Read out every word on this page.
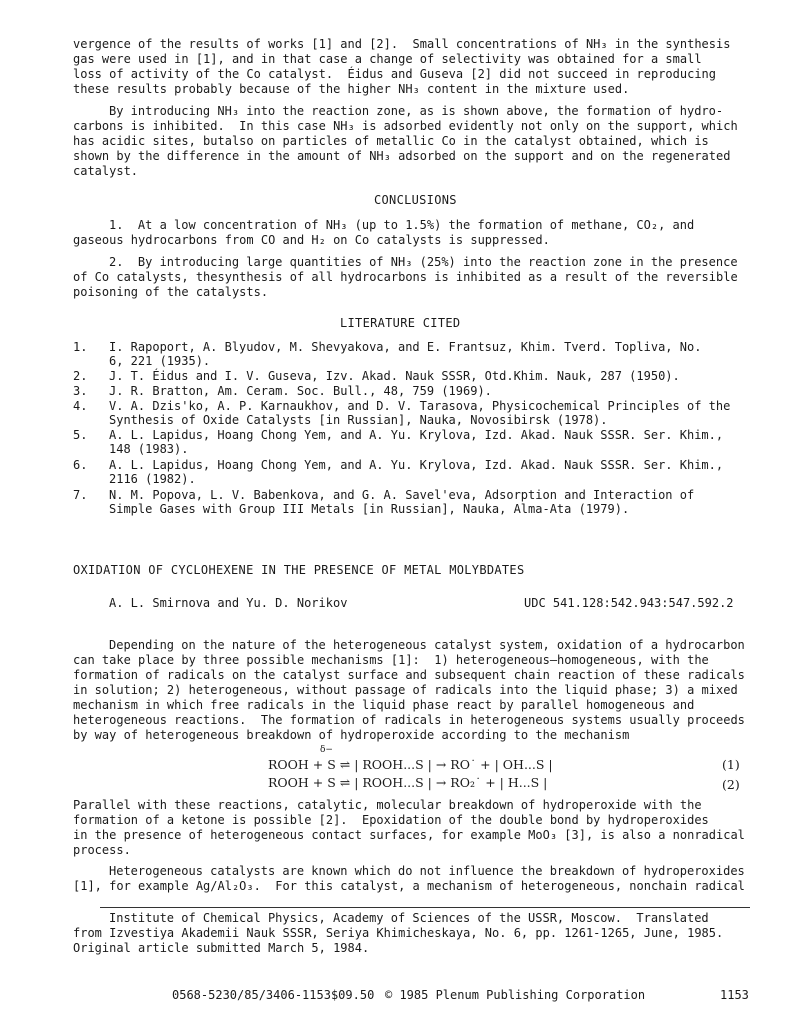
vergence of the results of works [1] and [2].  Small concentrations of NH₃ in the synthesis
gas were used in [1], and in that case a change of selectivity was obtained for a small
loss of activity of the Co catalyst.  Éidus and Guseva [2] did not succeed in reproducing
these results probably because of the higher NH₃ content in the mixture used.
By introducing NH₃ into the reaction zone, as is shown above, the formation of hydro-
carbons is inhibited.  In this case NH₃ is adsorbed evidently not only on the support, which
has acidic sites, butalso on particles of metallic Co in the catalyst obtained, which is
shown by the difference in the amount of NH₃ adsorbed on the support and on the regenerated
catalyst.
CONCLUSIONS
1.  At a low concentration of NH₃ (up to 1.5%) the formation of methane, CO₂, and
gaseous hydrocarbons from CO and H₂ on Co catalysts is suppressed.
2.  By introducing large quantities of NH₃ (25%) into the reaction zone in the presence
of Co catalysts, thesynthesis of all hydrocarbons is inhibited as a result of the reversible
poisoning of the catalysts.
LITERATURE CITED
1. I. Rapoport, A. Blyudov, M. Shevyakova, and E. Frantsuz, Khim. Tverd. Topliva, No.
6, 221 (1935).
2. J. T. Éidus and I. V. Guseva, Izv. Akad. Nauk SSSR, Otd.Khim. Nauk, 287 (1950).
3. J. R. Bratton, Am. Ceram. Soc. Bull., 48, 759 (1969).
4. V. A. Dzis'ko, A. P. Karnaukhov, and D. V. Tarasova, Physicochemical Principles of the
Synthesis of Oxide Catalysts [in Russian], Nauka, Novosibirsk (1978).
5. A. L. Lapidus, Hoang Chong Yem, and A. Yu. Krylova, Izd. Akad. Nauk SSSR. Ser. Khim.,
148 (1983).
6. A. L. Lapidus, Hoang Chong Yem, and A. Yu. Krylova, Izd. Akad. Nauk SSSR. Ser. Khim.,
2116 (1982).
7. N. M. Popova, L. V. Babenkova, and G. A. Savel'eva, Adsorption and Interaction of
Simple Gases with Group III Metals [in Russian], Nauka, Alma-Ata (1979).
OXIDATION OF CYCLOHEXENE IN THE PRESENCE OF METAL MOLYBDATES
A. L. Smirnova and Yu. D. Norikov	UDC 541.128:542.943:547.592.2
Depending on the nature of the heterogeneous catalyst system, oxidation of a hydrocarbon
can take place by three possible mechanisms [1]:  1) heterogeneous—homogeneous, with the
formation of radicals on the catalyst surface and subsequent chain reaction of these radicals
in solution; 2) heterogeneous, without passage of radicals into the liquid phase; 3) a mixed
mechanism in which free radicals in the liquid phase react by parallel homogeneous and
heterogeneous reactions.  The formation of radicals in heterogeneous systems usually proceeds
by way of heterogeneous breakdown of hydroperoxide according to the mechanism
δ−
ROOH + S ⇌ | ROOH...S | → RO˙ + | OH...S |	(1)
ROOH + S ⇌ | ROOH...S | → RO₂˙ + | H...S |	(2)
Parallel with these reactions, catalytic, molecular breakdown of hydroperoxide with the
formation of a ketone is possible [2].  Epoxidation of the double bond by hydroperoxides
in the presence of heterogeneous contact surfaces, for example MoO₃ [3], is also a nonradical
process.
Heterogeneous catalysts are known which do not influence the breakdown of hydroperoxides
[1], for example Ag/Al₂O₃.  For this catalyst, a mechanism of heterogeneous, nonchain radical
Institute of Chemical Physics, Academy of Sciences of the USSR, Moscow.  Translated
from Izvestiya Akademii Nauk SSSR, Seriya Khimicheskaya, No. 6, pp. 1261-1265, June, 1985.
Original article submitted March 5, 1984.
0568-5230/85/3406-1153$09.50 © 1985 Plenum Publishing Corporation	1153
